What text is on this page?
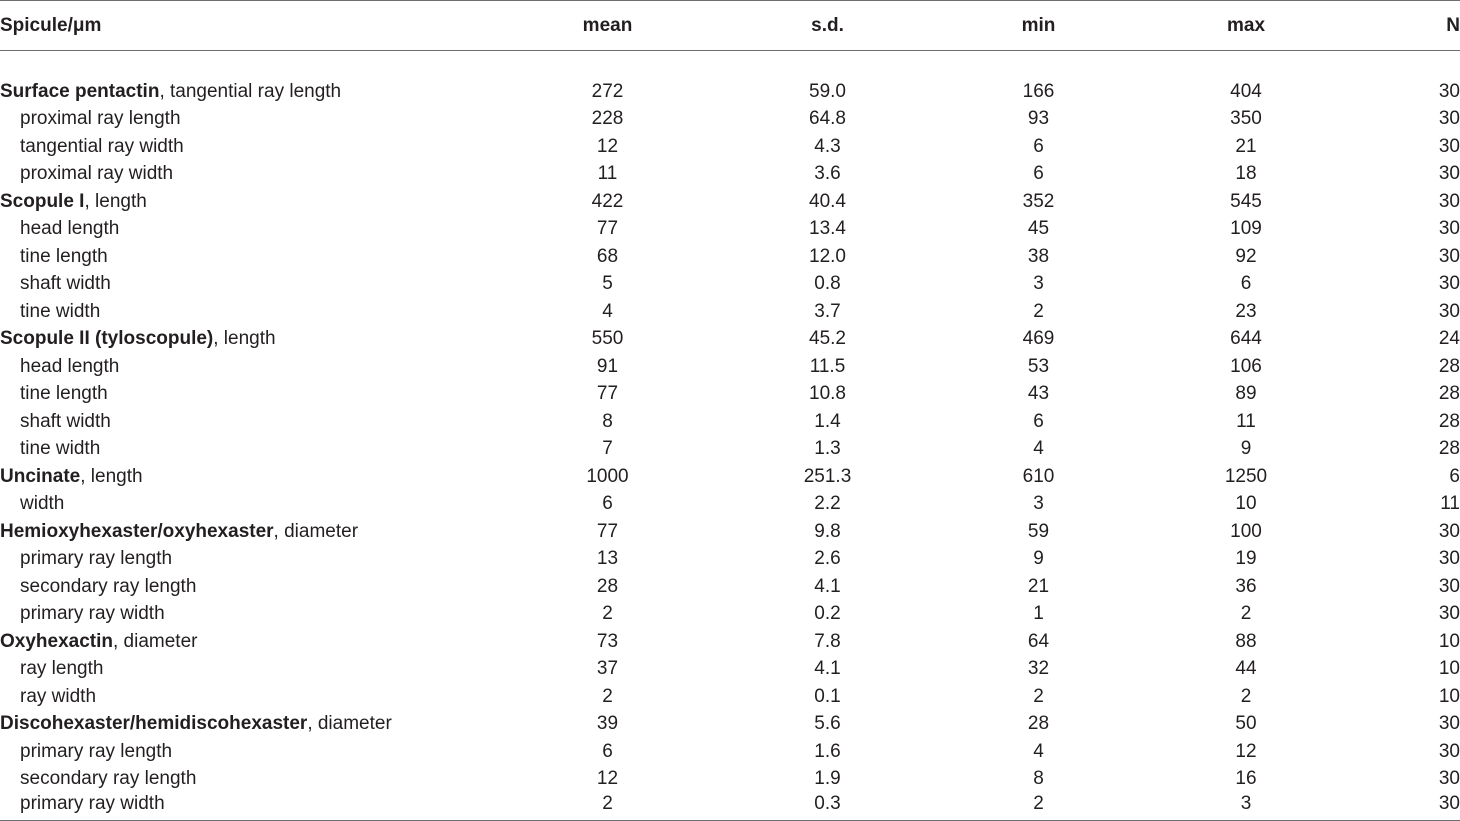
Spicule/μm	mean	s.d.	min	max	N

Surface pentactin, tangential ray length	272	59.0	166	404	30
proximal ray length	228	64.8	93	350	30
tangential ray width	12	4.3	6	21	30
proximal ray width	11	3.6	6	18	30
Scopule I, length	422	40.4	352	545	30
head length	77	13.4	45	109	30
tine length	68	12.0	38	92	30
shaft width	5	0.8	3	6	30
tine width	4	3.7	2	23	30
Scopule II (tyloscopule), length	550	45.2	469	644	24
head length	91	11.5	53	106	28
tine length	77	10.8	43	89	28
shaft width	8	1.4	6	11	28
tine width	7	1.3	4	9	28
Uncinate, length	1000	251.3	610	1250	6
width	6	2.2	3	10	11
Hemioxyhexaster/oxyhexaster, diameter	77	9.8	59	100	30
primary ray length	13	2.6	9	19	30
secondary ray length	28	4.1	21	36	30
primary ray width	2	0.2	1	2	30
Oxyhexactin, diameter	73	7.8	64	88	10
ray length	37	4.1	32	44	10
ray width	2	0.1	2	2	10
Discohexaster/hemidiscohexaster, diameter	39	5.6	28	50	30
primary ray length	6	1.6	4	12	30
secondary ray length	12	1.9	8	16	30
primary ray width	2	0.3	2	3	30
